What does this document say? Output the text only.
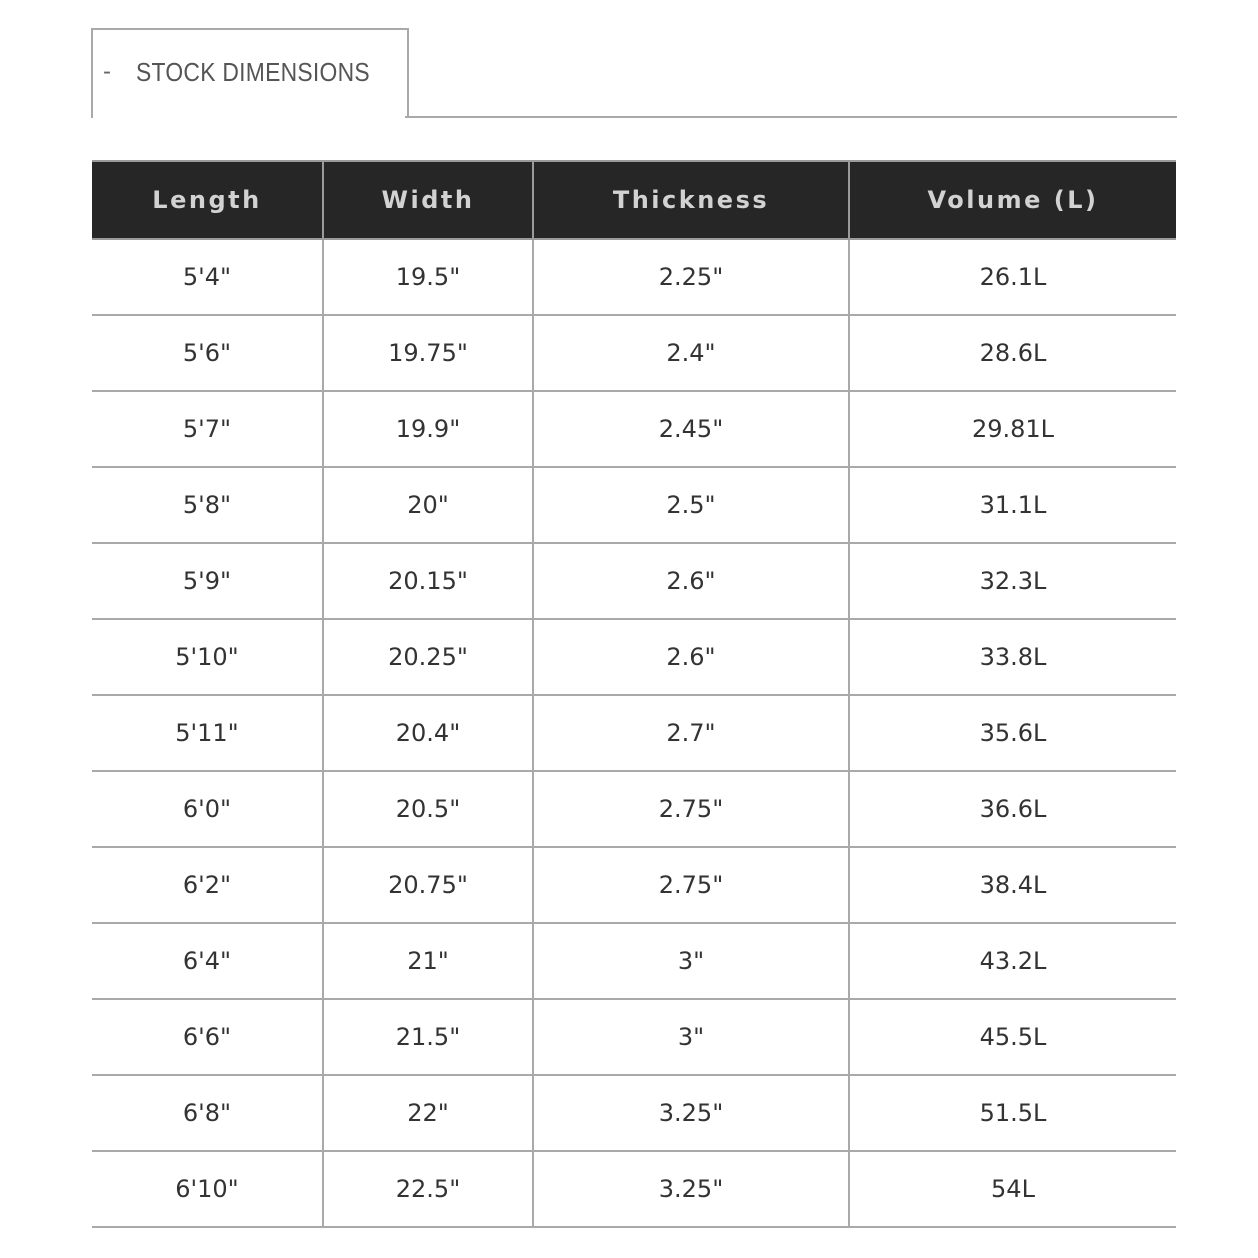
- STOCK DIMENSIONS
Length	Width	Thickness	Volume (L)
5'4"	19.5"	2.25"	26.1L
5'6"	19.75"	2.4"	28.6L
5'7"	19.9"	2.45"	29.81L
5'8"	20"	2.5"	31.1L
5'9"	20.15"	2.6"	32.3L
5'10"	20.25"	2.6"	33.8L
5'11"	20.4"	2.7"	35.6L
6'0"	20.5"	2.75"	36.6L
6'2"	20.75"	2.75"	38.4L
6'4"	21"	3"	43.2L
6'6"	21.5"	3"	45.5L
6'8"	22"	3.25"	51.5L
6'10"	22.5"	3.25"	54L
